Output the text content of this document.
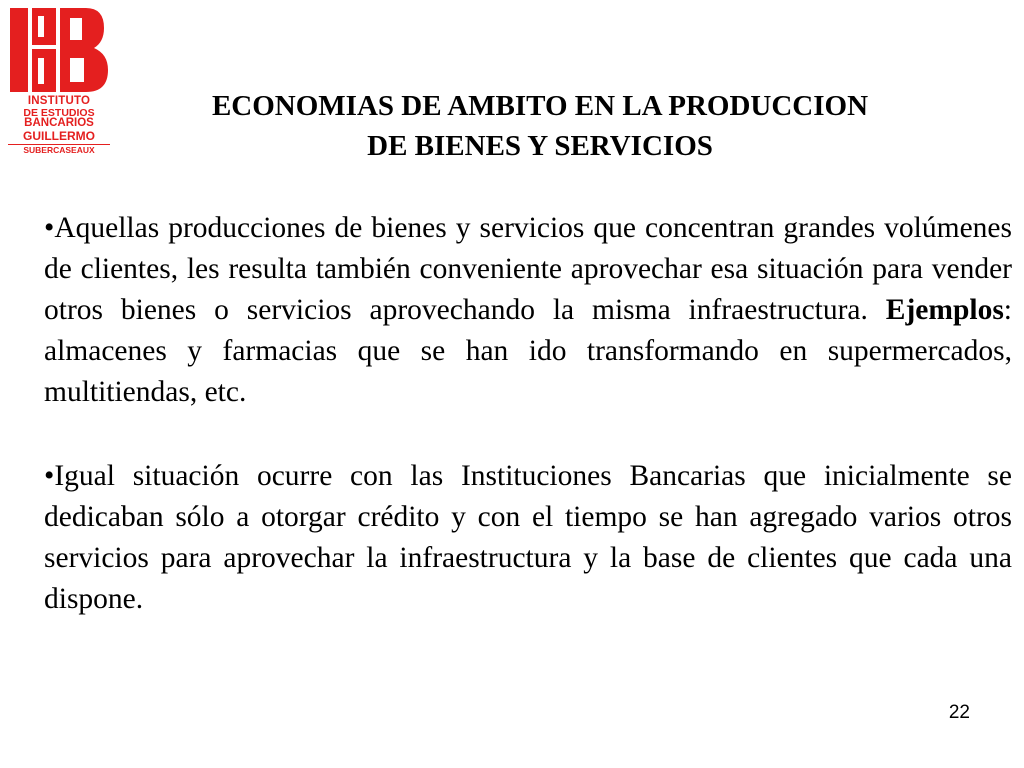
INSTITUTO
DE ESTUDIOS
BANCARIOS
GUILLERMO
SUBERCASEAUX
ECONOMIAS DE AMBITO EN LA PRODUCCION
DE BIENES Y SERVICIOS

•Aquellas producciones de bienes y servicios que concentran grandes volúmenes de clientes, les resulta también conveniente aprovechar esa situación para vender otros bienes o servicios aprovechando la misma infraestructura. Ejemplos: almacenes y farmacias que se han ido transformando en supermercados, multitiendas, etc.

•Igual situación ocurre con las Instituciones Bancarias que inicialmente se dedicaban sólo a otorgar crédito y con el tiempo se han agregado varios otros servicios para aprovechar la infraestructura y la base de clientes que cada una dispone.

22
